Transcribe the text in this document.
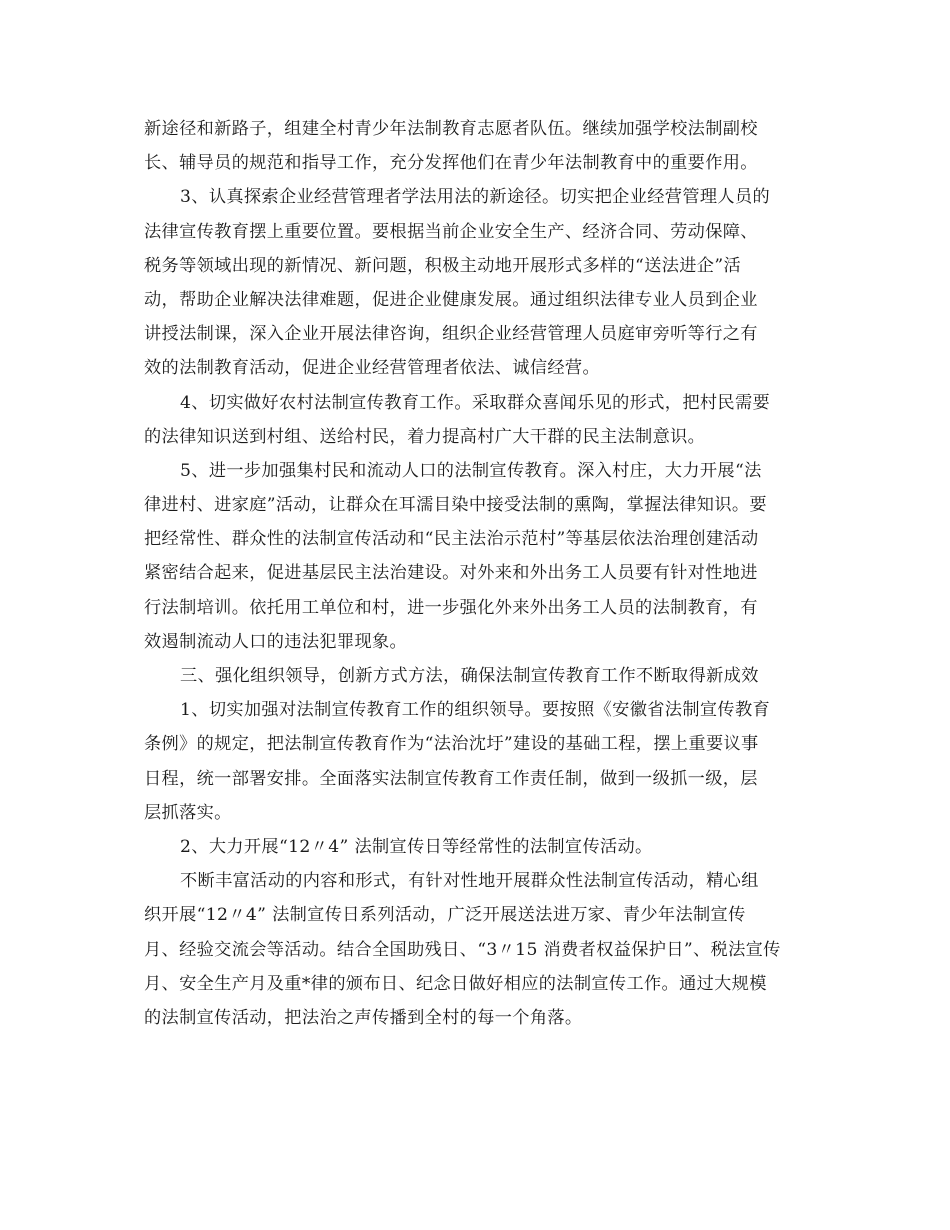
新途径和新路子，组建全村青少年法制教育志愿者队伍。继续加强学校法制副校
长、辅导员的规范和指导工作，充分发挥他们在青少年法制教育中的重要作用。
3、认真探索企业经营管理者学法用法的新途径。切实把企业经营管理人员的
法律宣传教育摆上重要位置。要根据当前企业安全生产、经济合同、劳动保障、
税务等领域出现的新情况、新问题，积极主动地开展形式多样的“送法进企”活
动，帮助企业解决法律难题，促进企业健康发展。通过组织法律专业人员到企业
讲授法制课，深入企业开展法律咨询，组织企业经营管理人员庭审旁听等行之有
效的法制教育活动，促进企业经营管理者依法、诚信经营。
4、切实做好农村法制宣传教育工作。采取群众喜闻乐见的形式，把村民需要
的法律知识送到村组、送给村民，着力提高村广大干群的民主法制意识。
5、进一步加强集村民和流动人口的法制宣传教育。深入村庄，大力开展“法
律进村、进家庭”活动，让群众在耳濡目染中接受法制的熏陶，掌握法律知识。要
把经常性、群众性的法制宣传活动和“民主法治示范村”等基层依法治理创建活动
紧密结合起来，促进基层民主法治建设。对外来和外出务工人员要有针对性地进
行法制培训。依托用工单位和村，进一步强化外来外出务工人员的法制教育，有
效遏制流动人口的违法犯罪现象。
三、强化组织领导，创新方式方法，确保法制宣传教育工作不断取得新成效
1、切实加强对法制宣传教育工作的组织领导。要按照《安徽省法制宣传教育
条例》的规定，把法制宣传教育作为“法治沈圩”建设的基础工程，摆上重要议事
日程，统一部署安排。全面落实法制宣传教育工作责任制，做到一级抓一级，层
层抓落实。
2、大力开展“12〃4” 法制宣传日等经常性的法制宣传活动。
不断丰富活动的内容和形式，有针对性地开展群众性法制宣传活动，精心组
织开展“12〃4” 法制宣传日系列活动，广泛开展送法进万家、青少年法制宣传
月、经验交流会等活动。结合全国助残日、“3〃15 消费者权益保护日”、税法宣传
月、安全生产月及重*律的颁布日、纪念日做好相应的法制宣传工作。通过大规模
的法制宣传活动，把法治之声传播到全村的每一个角落。
